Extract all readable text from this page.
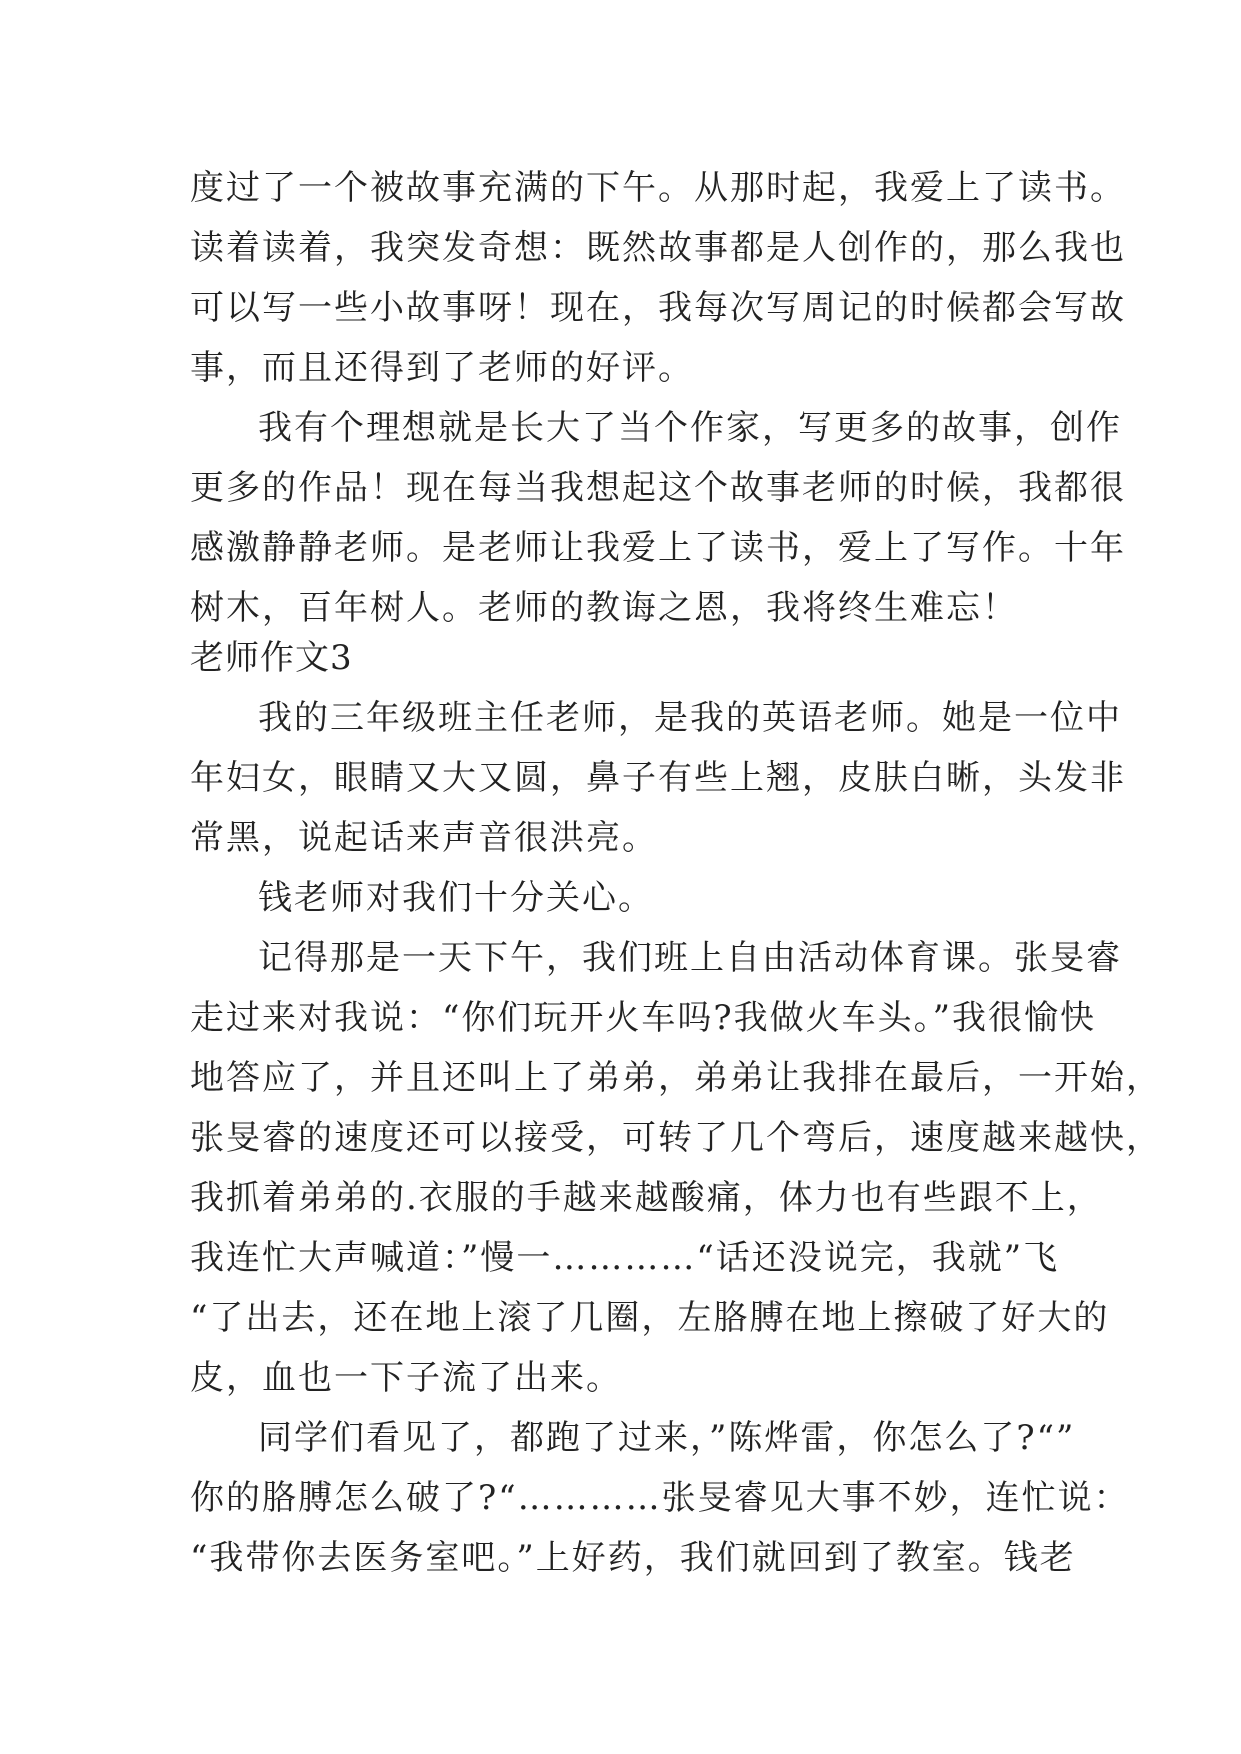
度过了一个被故事充满的下午。从那时起，我爱上了读书。
读着读着，我突发奇想：既然故事都是人创作的，那么我也
可以写一些小故事呀！现在，我每次写周记的时候都会写故
事，而且还得到了老师的好评。
我有个理想就是长大了当个作家，写更多的故事，创作
更多的作品！现在每当我想起这个故事老师的时候，我都很
感激静静老师。是老师让我爱上了读书，爱上了写作。十年
树木，百年树人。老师的教诲之恩，我将终生难忘！
老师作文3
我的三年级班主任老师，是我的英语老师。她是一位中
年妇女，眼睛又大又圆，鼻子有些上翘，皮肤白晰，头发非
常黑，说起话来声音很洪亮。
钱老师对我们十分关心。
记得那是一天下午，我们班上自由活动体育课。张旻睿
走过来对我说：“你们玩开火车吗?我做火车头。”我很愉快
地答应了，并且还叫上了弟弟，弟弟让我排在最后，一开始，
张旻睿的速度还可以接受，可转了几个弯后，速度越来越快，
我抓着弟弟的.衣服的手越来越酸痛，体力也有些跟不上，
我连忙大声喊道：”慢一…………“话还没说完，我就”飞
“了出去，还在地上滚了几圈，左胳膊在地上擦破了好大的
皮，血也一下子流了出来。
同学们看见了，都跑了过来，”陈烨雷，你怎么了?“”
你的胳膊怎么破了?“…………张旻睿见大事不妙，连忙说：
“我带你去医务室吧。”上好药，我们就回到了教室。钱老
